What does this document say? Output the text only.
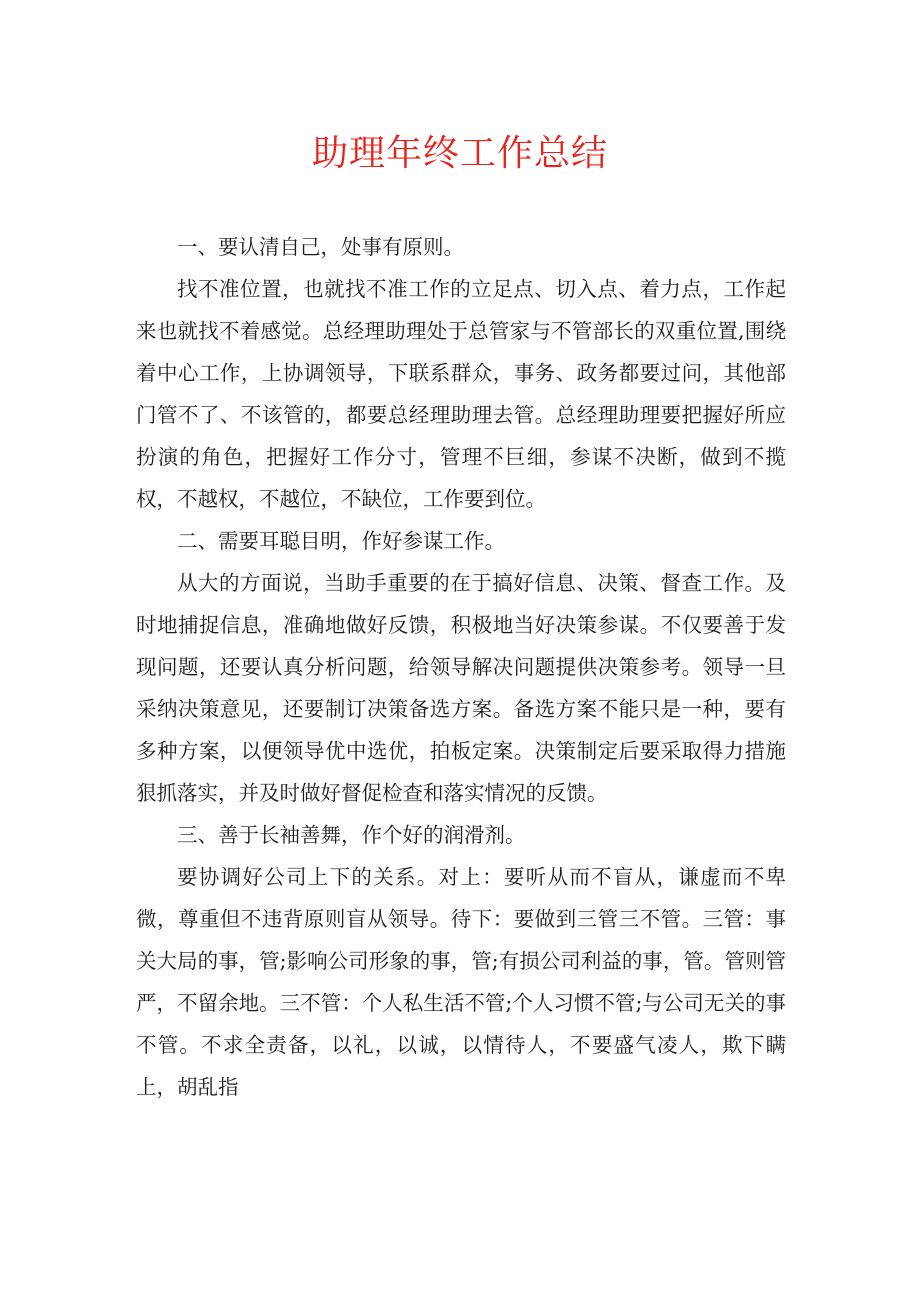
助理年终工作总结

一、要认清自己，处事有原则。

找不准位置，也就找不准工作的立足点、切入点、着力点，工作起来也就找不着感觉。总经理助理处于总管家与不管部长的双重位置,围绕着中心工作，上协调领导，下联系群众，事务、政务都要过问，其他部门管不了、不该管的，都要总经理助理去管。总经理助理要把握好所应扮演的角色，把握好工作分寸，管理不巨细，参谋不决断，做到不揽权，不越权，不越位，不缺位，工作要到位。

二、需要耳聪目明，作好参谋工作。

从大的方面说，当助手重要的在于搞好信息、决策、督查工作。及时地捕捉信息，准确地做好反馈，积极地当好决策参谋。不仅要善于发现问题，还要认真分析问题，给领导解决问题提供决策参考。领导一旦采纳决策意见，还要制订决策备选方案。备选方案不能只是一种，要有多种方案，以便领导优中选优，拍板定案。决策制定后要采取得力措施狠抓落实，并及时做好督促检查和落实情况的反馈。

三、善于长袖善舞，作个好的润滑剂。

要协调好公司上下的关系。对上：要听从而不盲从，谦虚而不卑微，尊重但不违背原则盲从领导。待下：要做到三管三不管。三管：事关大局的事，管;影响公司形象的事，管;有损公司利益的事，管。管则管严，不留余地。三不管：个人私生活不管;个人习惯不管;与公司无关的事不管。不求全责备，以礼，以诚，以情待人，不要盛气凌人，欺下瞒上，胡乱指
